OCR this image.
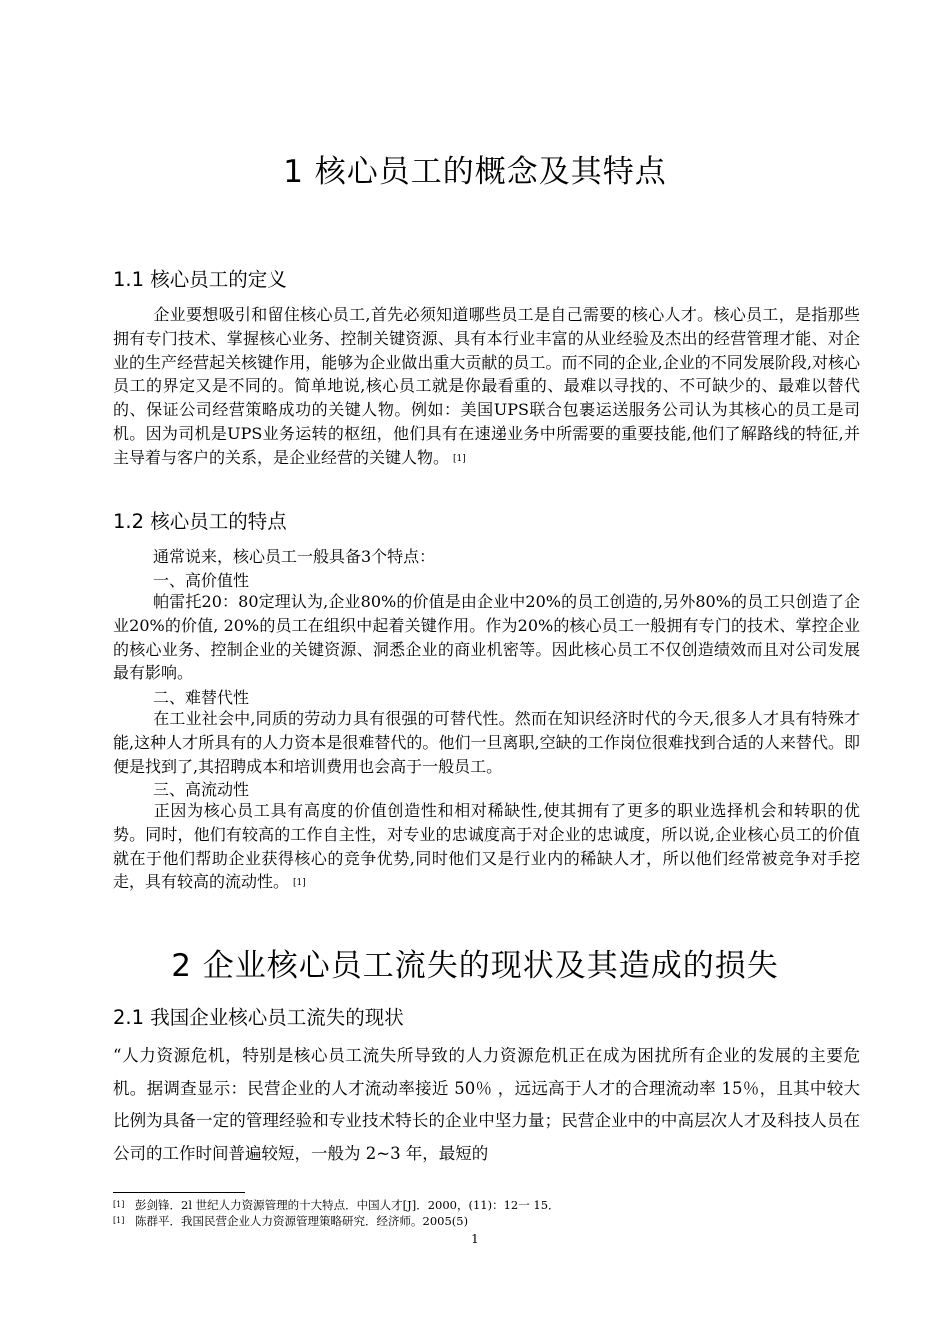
1 核心员工的概念及其特点
1.1 核心员工的定义

企业要想吸引和留住核心员工,首先必须知道哪些员工是自己需要的核心人才。核心员工，是指那些拥有专门技术、掌握核心业务、控制关键资源、具有本行业丰富的从业经验及杰出的经营管理才能、对企业的生产经营起关核键作用，能够为企业做出重大贡献的员工。而不同的企业,企业的不同发展阶段,对核心员工的界定又是不同的。简单地说,核心员工就是你最看重的、最难以寻找的、不可缺少的、最难以替代的、保证公司经营策略成功的关键人物。例如：美国UPS联合包裹运送服务公司认为其核心的员工是司机。因为司机是UPS业务运转的枢纽，他们具有在速递业务中所需要的重要技能,他们了解路线的特征,并主导着与客户的关系，是企业经营的关键人物。 [1]

1.2 核心员工的特点
通常说来，核心员工一般具备3个特点：
一、高价值性

帕雷托20：80定理认为,企业80%的价值是由企业中20%的员工创造的,另外80%的员工只创造了企业20%的价值, 20%的员工在组织中起着关键作用。作为20%的核心员工一般拥有专门的技术、掌控企业的核心业务、控制企业的关键资源、洞悉企业的商业机密等。因此核心员工不仅创造绩效而且对公司发展最有影响。

二、难替代性

在工业社会中,同质的劳动力具有很强的可替代性。然而在知识经济时代的今天,很多人才具有特殊才能,这种人才所具有的人力资本是很难替代的。他们一旦离职,空缺的工作岗位很难找到合适的人来替代。即便是找到了,其招聘成本和培训费用也会高于一般员工。

三、高流动性

正因为核心员工具有高度的价值创造性和相对稀缺性,使其拥有了更多的职业选择机会和转职的优势。同时，他们有较高的工作自主性，对专业的忠诚度高于对企业的忠诚度，所以说,企业核心员工的价值就在于他们帮助企业获得核心的竞争优势,同时他们又是行业内的稀缺人才，所以他们经常被竞争对手挖走，具有较高的流动性。 [1]

2 企业核心员工流失的现状及其造成的损失
2.1 我国企业核心员工流失的现状

“人力资源危机，特别是核心员工流失所导致的人力资源危机正在成为困扰所有企业的发展的主要危机。据调查显示：民营企业的人才流动率接近 50％ ，远远高于人才的合理流动率 15％，且其中较大比例为具备一定的管理经验和专业技术特长的企业中坚力量；民营企业中的中高层次人才及科技人员在公司的工作时间普遍较短，一般为 2~3 年，最短的

[1] 彭剑锋．2l 世纪人力资源管理的十大特点．中国人才[J]．2000，(11)：12一 15．
[1] 陈群平．我国民营企业人力资源管理策略研究．经济师。2005(5)
1
